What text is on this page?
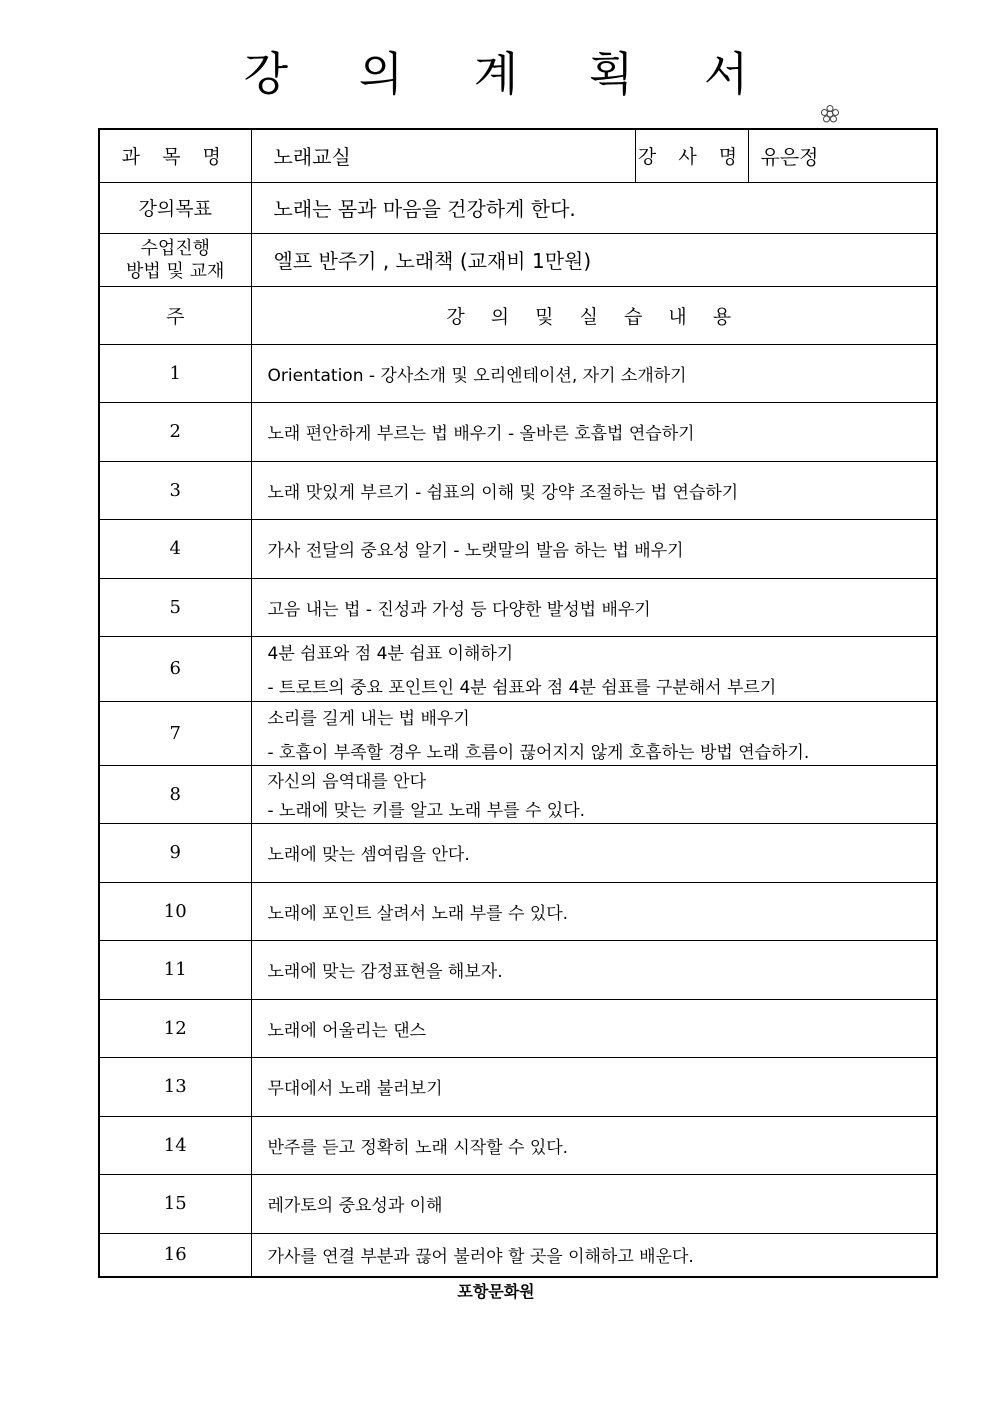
강 의 계 획 서
과 목 명	노래교실	강 사 명	유은정
강의목표	노래는 몸과 마음을 건강하게 한다.		

수업진행
방법 및 교재	엘프 반주기 , 노래책 (교재비 1만원)		
주	강 의 및 실 습 내 용		
1	Orientation - 강사소개 및 오리엔테이션, 자기 소개하기		

2	노래 편안하게 부르는 법 배우기 - 올바른 호흡법 연습하기		

3	노래 맛있게 부르기 - 쉼표의 이해 및 강약 조절하는 법 연습하기		

4	가사 전달의 중요성 알기 - 노랫말의 발음 하는 법 배우기		

5	고음 내는 법 - 진성과 가성 등 다양한 발성법 배우기		

6	4분 쉼표와 점 4분 쉼표 이해하기
- 트로트의 중요 포인트인 4분 쉼표와 점 4분 쉼표를 구분해서 부르기		

7	소리를 길게 내는 법 배우기
- 호흡이 부족할 경우 노래 흐름이 끊어지지 않게 호흡하는 방법 연습하기.		

8	자신의 음역대를 안다
- 노래에 맞는 키를 알고 노래 부를 수 있다.		

9	노래에 맞는 셈여림을 안다.		

10	노래에 포인트 살려서 노래 부를 수 있다.		

11	노래에 맞는 감정표현을 해보자.		

12	노래에 어울리는 댄스		

13	무대에서 노래 불러보기		

14	반주를 듣고 정확히 노래 시작할 수 있다.		

15	레가토의 중요성과 이해		

16	가사를 연결 부분과 끊어 불러야 할 곳을 이해하고 배운다.		
포항문화원
